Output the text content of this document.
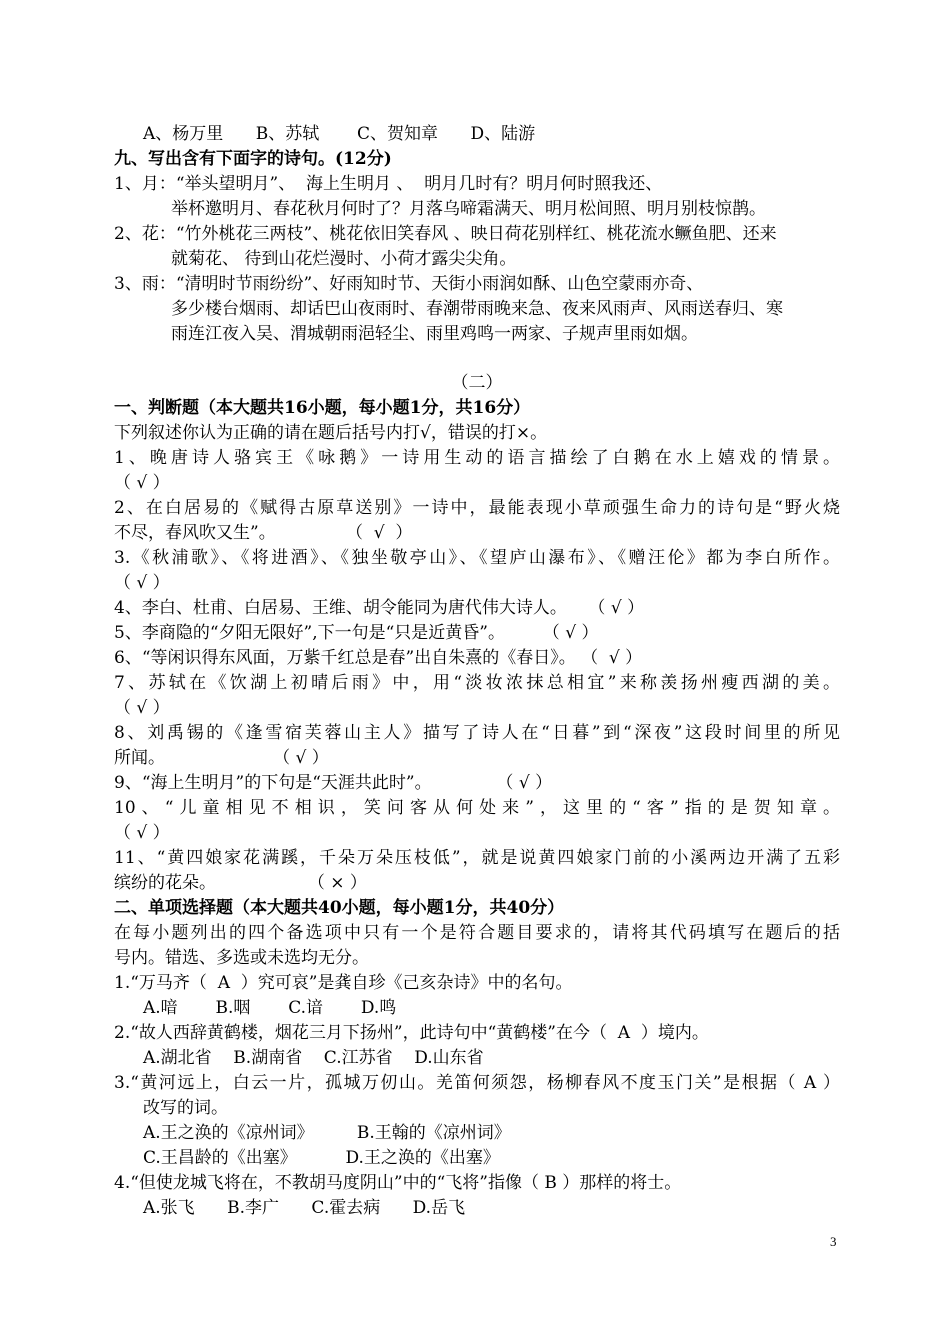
A、杨万里      B、苏轼       C、贺知章      D、陆游
九、写出含有下面字的诗句。(12分)
1、月：“举头望明月”、  海上生明月 、  明月几时有？明月何时照我还、
举杯邀明月、春花秋月何时了？月落乌啼霜满天、明月松间照、明月别枝惊鹊。
2、花：“竹外桃花三两枝”、桃花依旧笑春风 、映日荷花别样红、桃花流水鳜鱼肥、还来
就菊花、 待到山花烂漫时、小荷才露尖尖角。
3、雨：“清明时节雨纷纷”、好雨知时节、天街小雨润如酥、山色空蒙雨亦奇、
多少楼台烟雨、却话巴山夜雨时、春潮带雨晚来急、夜来风雨声、风雨送春归、寒
雨连江夜入吴、渭城朝雨浥轻尘、雨里鸡鸣一两家、子规声里雨如烟。
（二）
一、判断题（本大题共16小题，每小题1分，共16分）
下列叙述你认为正确的请在题后括号内打√，错误的打×。
1、晚唐诗人骆宾王《咏鹅》一诗用生动的语言描绘了白鹅在水上嬉戏的情景。
（ √ ）
2、在白居易的《赋得古原草送别》一诗中，最能表现小草顽强生命力的诗句是“野火烧
不尽，春风吹又生”。             （  √  ）
3.《秋浦歌》、《将进酒》、《独坐敬亭山》、《望庐山瀑布》、《赠汪伦》都为李白所作。
（ √ ）
4、李白、杜甫、白居易、王维、胡令能同为唐代伟大诗人。    （ √ ）
5、李商隐的“夕阳无限好”,下一句是“只是近黄昏”。       （ √ ）
6、“等闲识得东风面，万紫千红总是春”出自朱熹的《春日》。 （  √ ）
7、苏轼在《饮湖上初晴后雨》中，用“淡妆浓抹总相宜”来称羡扬州瘦西湖的美。
（ √ ）
8、刘禹锡的《逢雪宿芙蓉山主人》描写了诗人在“日暮”到“深夜”这段时间里的所见
所闻。                    （ √ ）
9、“海上生明月”的下句是“天涯共此时”。            （ √ ）
10、“儿童相见不相识，笑问客从何处来”，这里的“客”指的是贺知章。
（ √ ）
11、“黄四娘家花满蹊，千朵万朵压枝低”，就是说黄四娘家门前的小溪两边开满了五彩
缤纷的花朵。                 （ × ）
二、单项选择题（本大题共40小题，每小题1分，共40分）
在每小题列出的四个备选项中只有一个是符合题目要求的，请将其代码填写在题后的括
号内。错选、多选或未选均无分。
1.“万马齐（  A  ）究可哀”是龚自珍《己亥杂诗》中的名句。
A.喑       B.咽       C.谙       D.鸣
2.“故人西辞黄鹤楼，烟花三月下扬州”，此诗句中“黄鹤楼”在今（  A  ）境内。
A.湖北省    B.湖南省    C.江苏省    D.山东省
3.“黄河远上，白云一片，孤城万仞山。羌笛何须怨，杨柳春风不度玉门关”是根据（ A ）
改写的词。
A.王之涣的《凉州词》        B.王翰的《凉州词》
C.王昌龄的《出塞》         D.王之涣的《出塞》
4.“但使龙城飞将在，不教胡马度阴山”中的“飞将”指像（ B ）那样的将士。
A.张飞      B.李广      C.霍去病      D.岳飞
3
